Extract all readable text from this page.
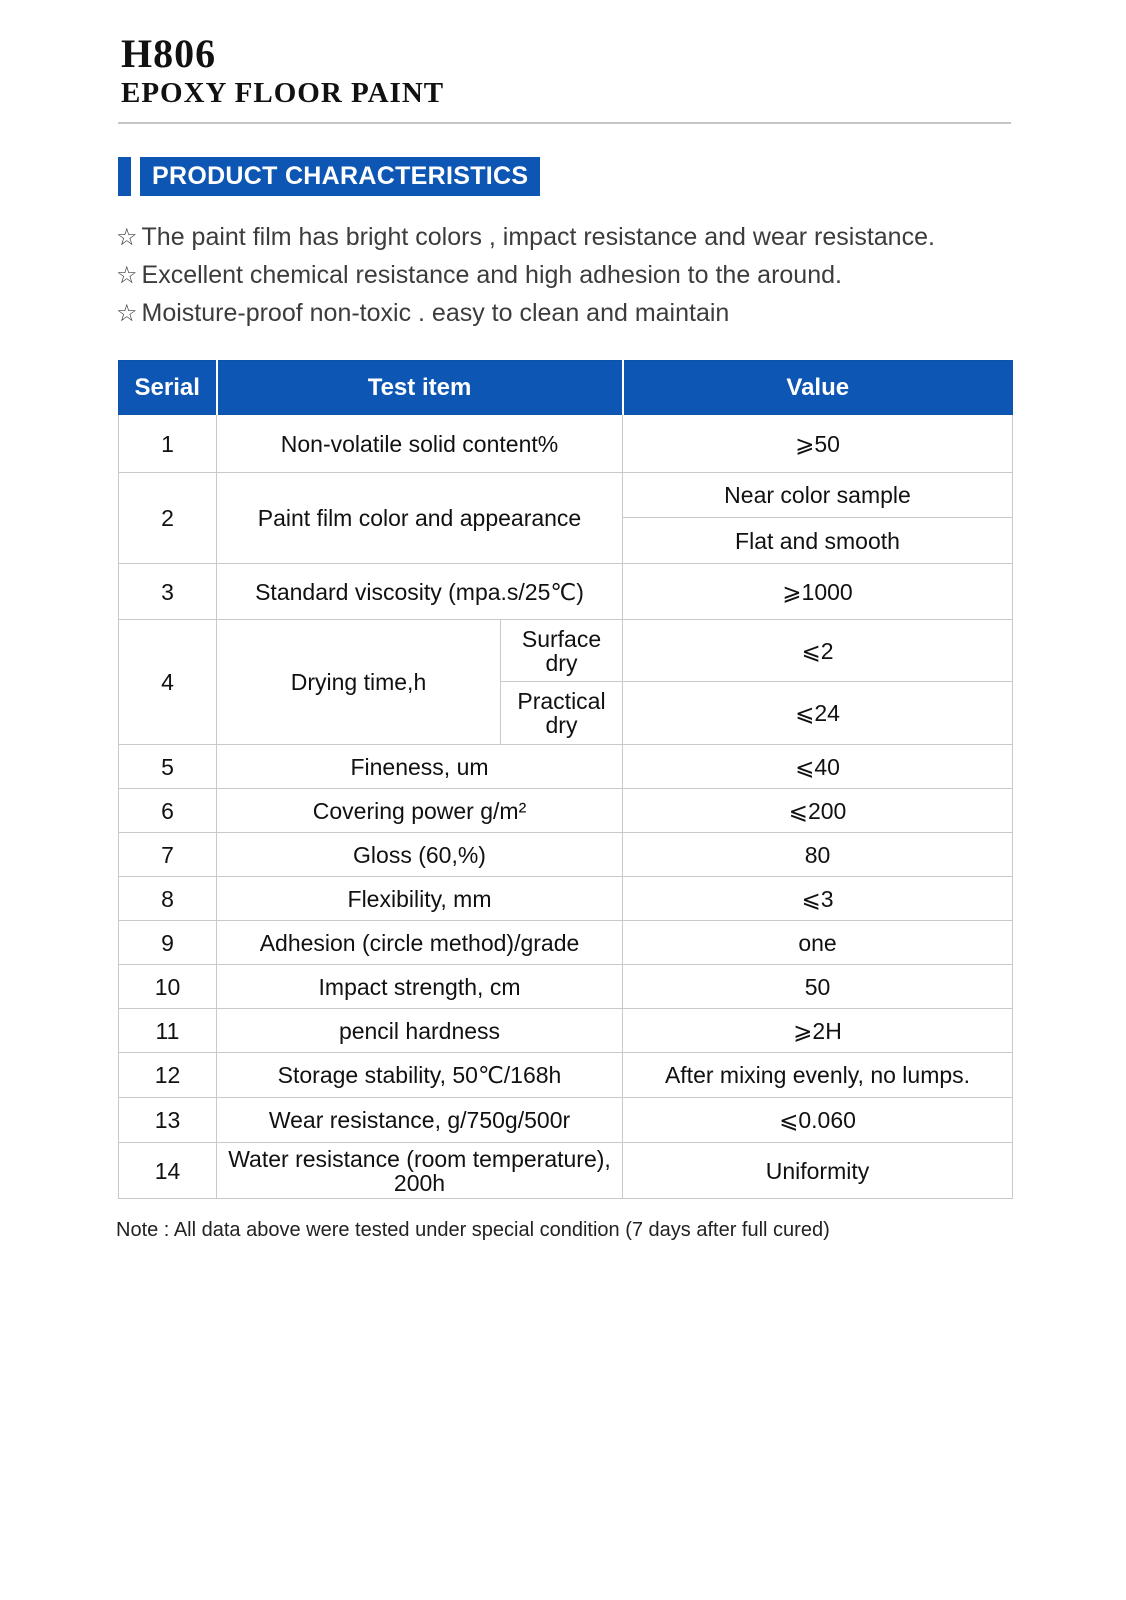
H806
EPOXY FLOOR PAINT
PRODUCT CHARACTERISTICS
☆ The paint film has bright colors , impact resistance and wear resistance.
☆ Excellent chemical resistance and high adhesion to the around.
☆ Moisture-proof non-toxic . easy to clean and maintain
Serial	Test item		Value
1	Non-volatile solid content%		⩾50
2	Paint film color and appearance		Near color sample
			Flat and smooth
3	Standard viscosity (mpa.s/25℃)		⩾1000
4	Drying time,h	Surface dry	⩽2
		Practical dry	⩽24
5	Fineness, um		⩽40
6	Covering power g/m²		⩽200
7	Gloss (60,%)		80
8	Flexibility, mm		⩽3
9	Adhesion (circle method)/grade		one
10	Impact strength, cm		50
11	pencil hardness		⩾2H
12	Storage stability, 50℃/168h		After mixing evenly, no lumps.
13	Wear resistance, g/750g/500r		⩽0.060
14	Water resistance (room temperature), 200h		Uniformity
Note : All data above were tested under special condition (7 days after full cured)
